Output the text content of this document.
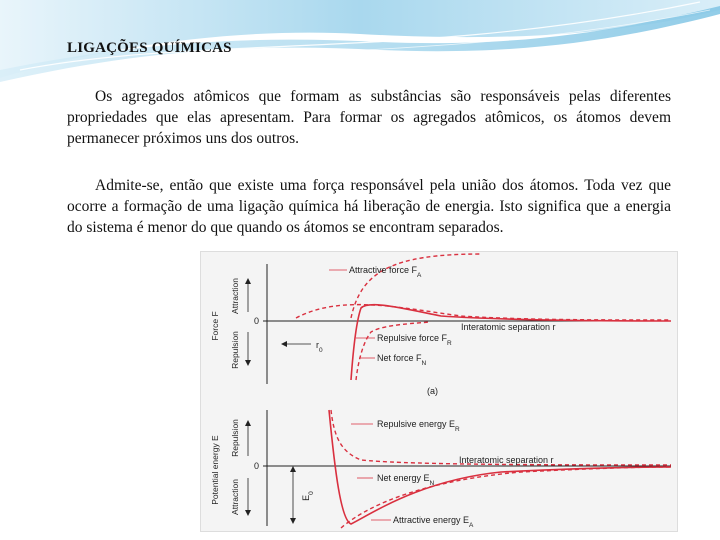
LIGAÇÕES QUÍMICAS

Os agregados atômicos que formam as substâncias são responsáveis pelas diferentes propriedades que elas apresentam. Para formar os agregados atômicos, os átomos devem permanecer próximos uns dos outros.

Admite-se, então que existe uma força responsável pela união dos átomos. Toda vez que ocorre a formação de uma ligação química há liberação de energia. Isto significa que a energia do sistema é menor do que quando os átomos se encontram separados.

0
Force F
Attraction
Repulsion
Attractive force $F_A$
Interatomic separation r
Repulsive force $F_R$
$r_0$
Net force $F_N$
(a)
0
Potential energy E Repulsion
Attraction
Repulsive energy $E_R$
Interatomic separation r
Net energy $E_N$
$E_0$
Attractive energy $E_A$
